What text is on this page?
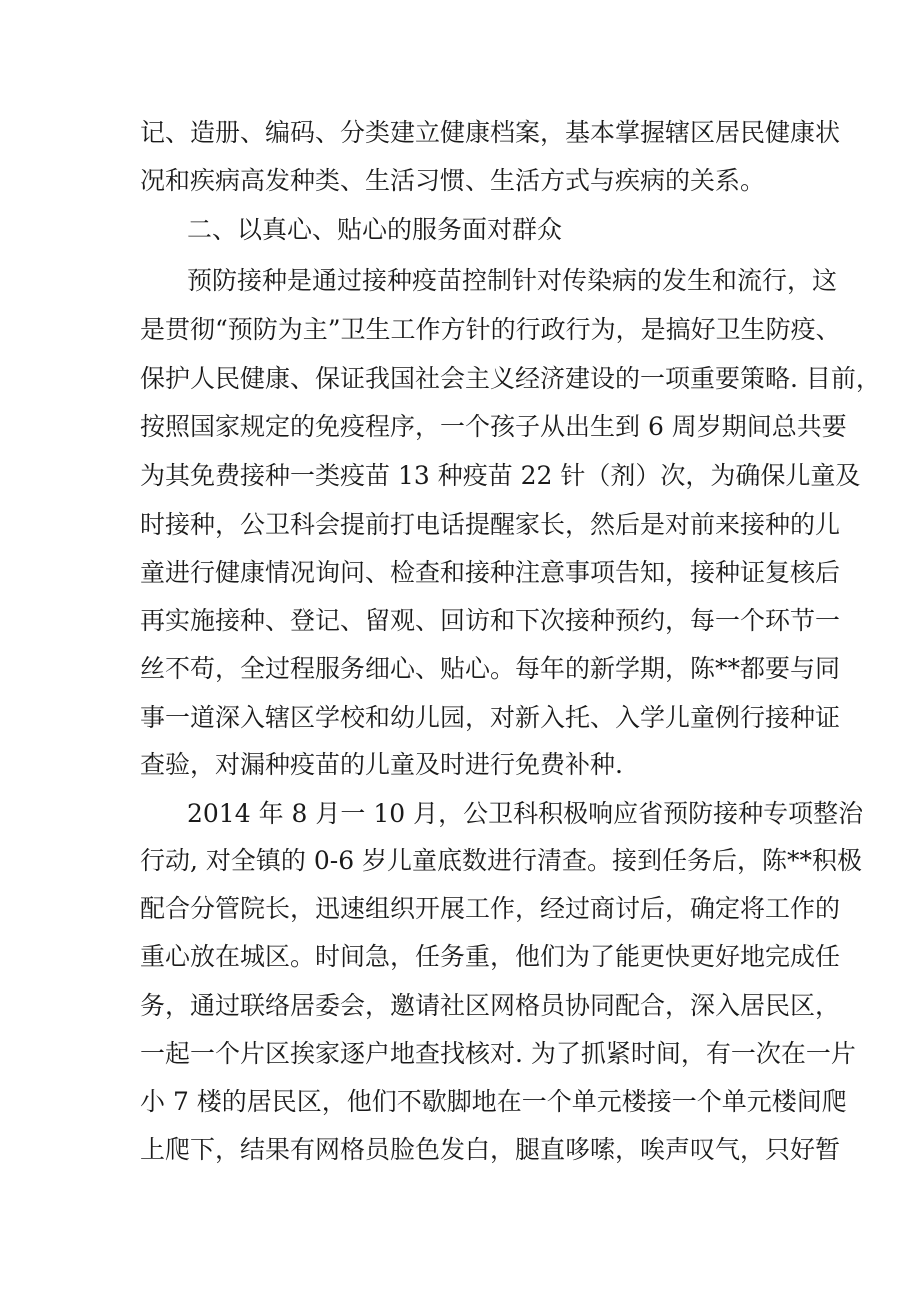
记、造册、编码、分类建立健康档案，基本掌握辖区居民健康状
况和疾病高发种类、生活习惯、生活方式与疾病的关系。
二、以真心、贴心的服务面对群众
预防接种是通过接种疫苗控制针对传染病的发生和流行，这
是贯彻“预防为主”卫生工作方针的行政行为，是搞好卫生防疫、
保护人民健康、保证我国社会主义经济建设的一项重要策略. 目前，
按照国家规定的免疫程序，一个孩子从出生到 6 周岁期间总共要
为其免费接种一类疫苗 13 种疫苗 22 针（剂）次，为确保儿童及
时接种，公卫科会提前打电话提醒家长，然后是对前来接种的儿
童进行健康情况询问、检查和接种注意事项告知，接种证复核后
再实施接种、登记、留观、回访和下次接种预约，每一个环节一
丝不苟，全过程服务细心、贴心。每年的新学期，陈**都要与同
事一道深入辖区学校和幼儿园，对新入托、入学儿童例行接种证
查验，对漏种疫苗的儿童及时进行免费补种.
2014 年 8 月一 10 月，公卫科积极响应省预防接种专项整治
行动, 对全镇的 0-6 岁儿童底数进行清查。接到任务后，陈**积极
配合分管院长，迅速组织开展工作，经过商讨后，确定将工作的
重心放在城区。时间急，任务重，他们为了能更快更好地完成任
务，通过联络居委会，邀请社区网格员协同配合，深入居民区，
一起一个片区挨家逐户地查找核对. 为了抓紧时间，有一次在一片
小 7 楼的居民区，他们不歇脚地在一个单元楼接一个单元楼间爬
上爬下，结果有网格员脸色发白，腿直哆嗦，唉声叹气，只好暂
